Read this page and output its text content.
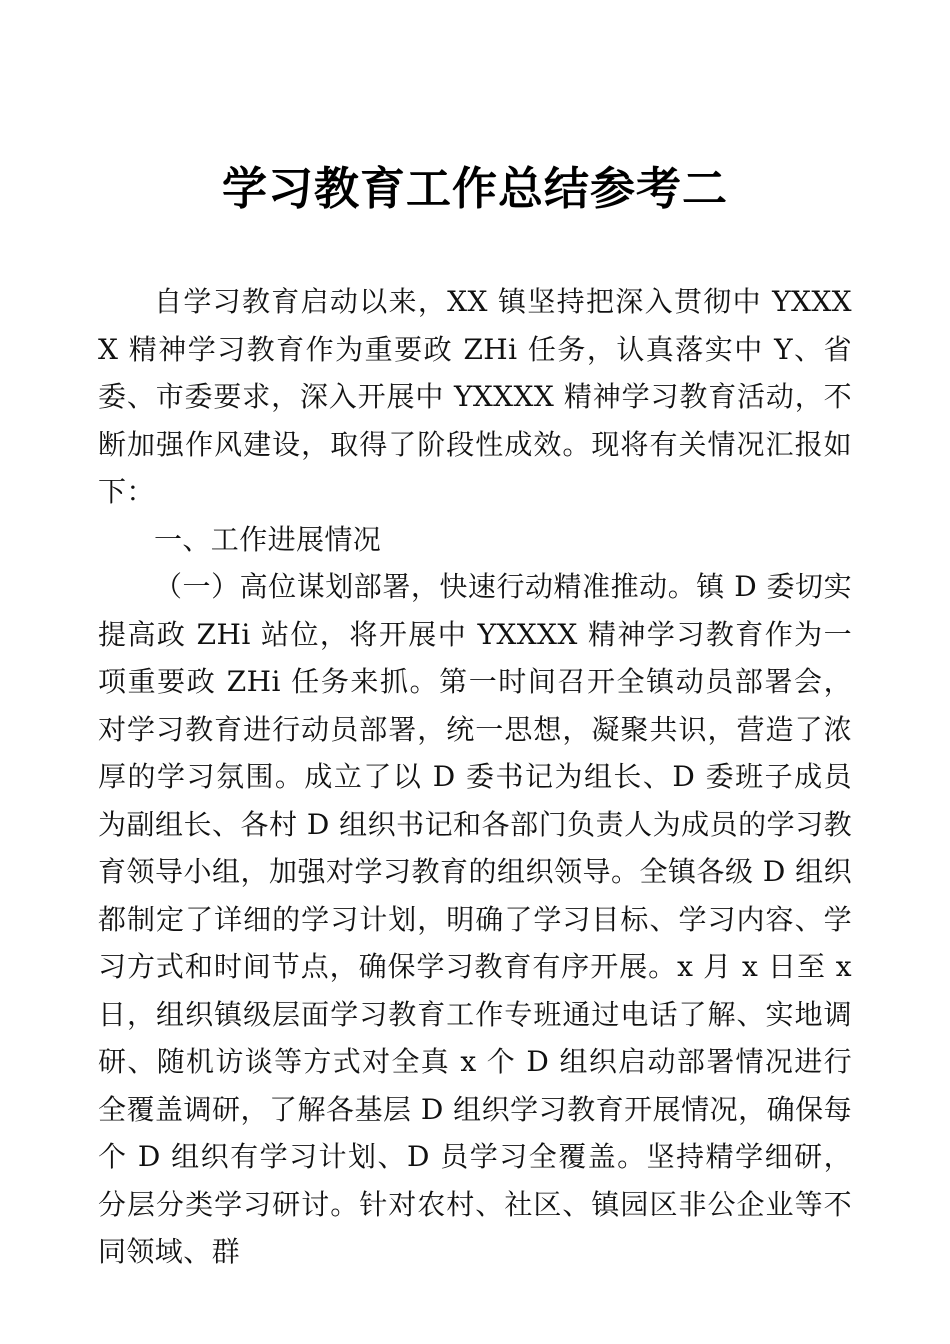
学习教育工作总结参考二

自学习教育启动以来，XX 镇坚持把深入贯彻中 YXXXX 精神学习教育作为重要政 ZHi 任务，认真落实中 Y、省委、市委要求，深入开展中 YXXXX 精神学习教育活动，不断加强作风建设，取得了阶段性成效。现将有关情况汇报如下：

一、工作进展情况

（一）高位谋划部署，快速行动精准推动。镇 D 委切实提高政 ZHi 站位，将开展中 YXXXX 精神学习教育作为一项重要政 ZHi 任务来抓。第一时间召开全镇动员部署会，对学习教育进行动员部署，统一思想，凝聚共识，营造了浓厚的学习氛围。成立了以 D 委书记为组长、D 委班子成员为副组长、各村 D 组织书记和各部门负责人为成员的学习教育领导小组，加强对学习教育的组织领导。全镇各级 D 组织都制定了详细的学习计划，明确了学习目标、学习内容、学习方式和时间节点，确保学习教育有序开展。x 月 x 日至 x 日，组织镇级层面学习教育工作专班通过电话了解、实地调研、随机访谈等方式对全真 x 个 D 组织启动部署情况进行全覆盖调研，了解各基层 D 组织学习教育开展情况，确保每个 D 组织有学习计划、D 员学习全覆盖。坚持精学细研，分层分类学习研讨。针对农村、社区、镇园区非公企业等不同领域、群
